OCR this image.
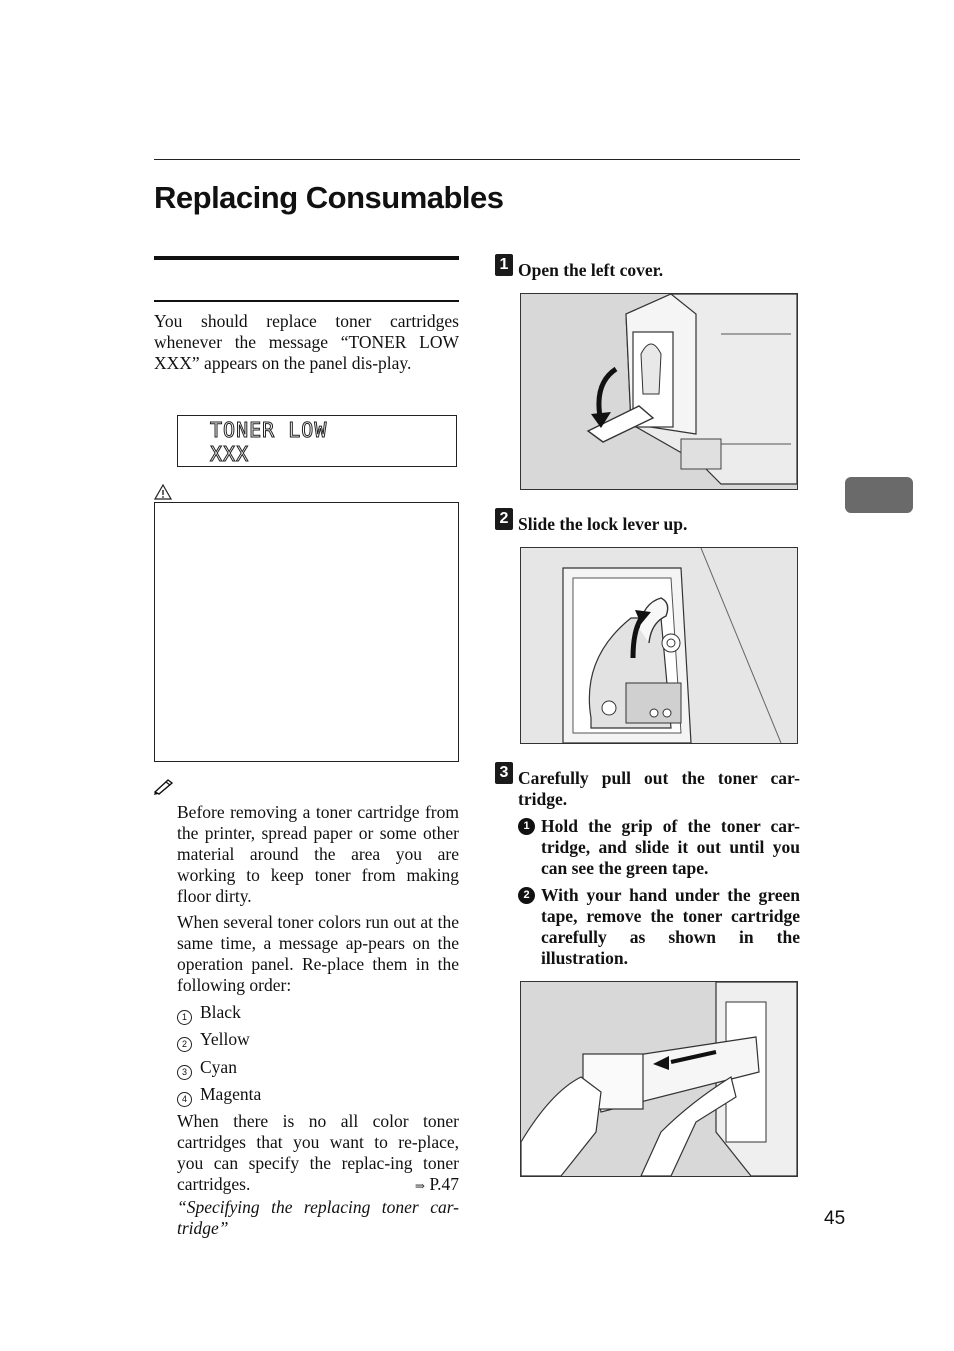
Replacing Consumables
You should replace toner cartridges whenever the message “TONER LOW XXX” appears on the panel dis-play.
TONER LOW
XXX
Before removing a toner cartridge from the printer, spread paper or some other material around the area you are working to keep toner from making floor dirty.
When several toner colors run out at the same time, a message ap-pears on the operation panel. Re-place them in the following order:
1 Black
2 Yellow
3 Cyan
4 Magenta
When there is no all color toner cartridges that you want to re-place, you can specify the replac-ing toner cartridges.	⇒ P.47
“Specifying the replacing toner car-tridge”
1 Open the left cover.
2 Slide the lock lever up.
3 Carefully pull out the toner car-tridge.
1 Hold the grip of the toner car-tridge, and slide it out until you can see the green tape.
2 With your hand under the green tape, remove the toner cartridge carefully as shown in the illustration.
45
